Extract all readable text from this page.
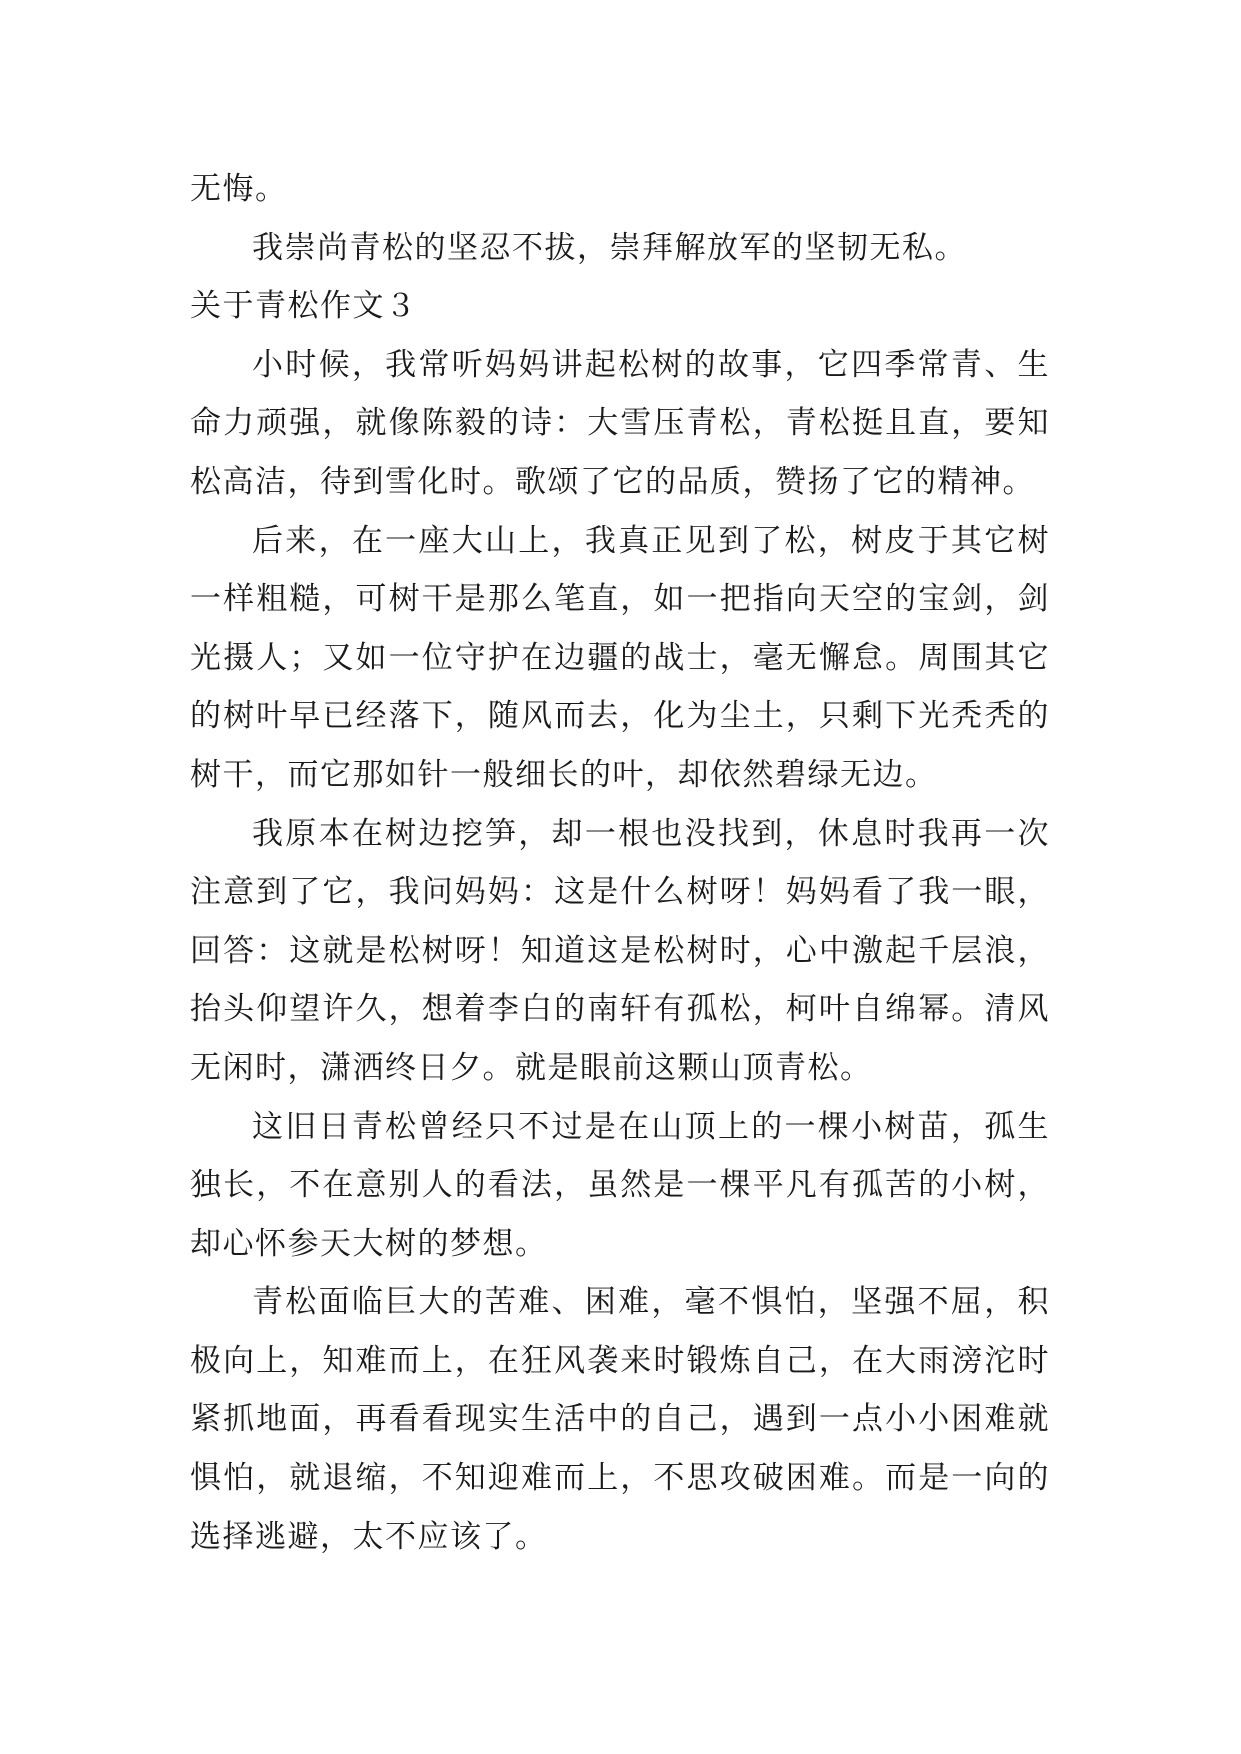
无悔。

我崇尚青松的坚忍不拔，崇拜解放军的坚韧无私。

关于青松作文３

小时候，我常听妈妈讲起松树的故事，它四季常青、生命力顽强，就像陈毅的诗：大雪压青松，青松挺且直，要知松高洁，待到雪化时。歌颂了它的品质，赞扬了它的精神。

后来，在一座大山上，我真正见到了松，树皮于其它树一样粗糙，可树干是那么笔直，如一把指向天空的宝剑，剑光摄人；又如一位守护在边疆的战士，毫无懈怠。周围其它的树叶早已经落下，随风而去，化为尘土，只剩下光秃秃的树干，而它那如针一般细长的叶，却依然碧绿无边。

我原本在树边挖笋，却一根也没找到，休息时我再一次注意到了它，我问妈妈：这是什么树呀！妈妈看了我一眼，回答：这就是松树呀！知道这是松树时，心中激起千层浪，抬头仰望许久，想着李白的南轩有孤松，柯叶自绵幂。清风无闲时，潇洒终日夕。就是眼前这颗山顶青松。

这旧日青松曾经只不过是在山顶上的一棵小树苗，孤生独长，不在意别人的看法，虽然是一棵平凡有孤苦的小树，却心怀参天大树的梦想。

青松面临巨大的苦难、困难，毫不惧怕，坚强不屈，积极向上，知难而上，在狂风袭来时锻炼自己，在大雨滂沱时紧抓地面，再看看现实生活中的自己，遇到一点小小困难就惧怕，就退缩，不知迎难而上，不思攻破困难。而是一向的选择逃避，太不应该了。
